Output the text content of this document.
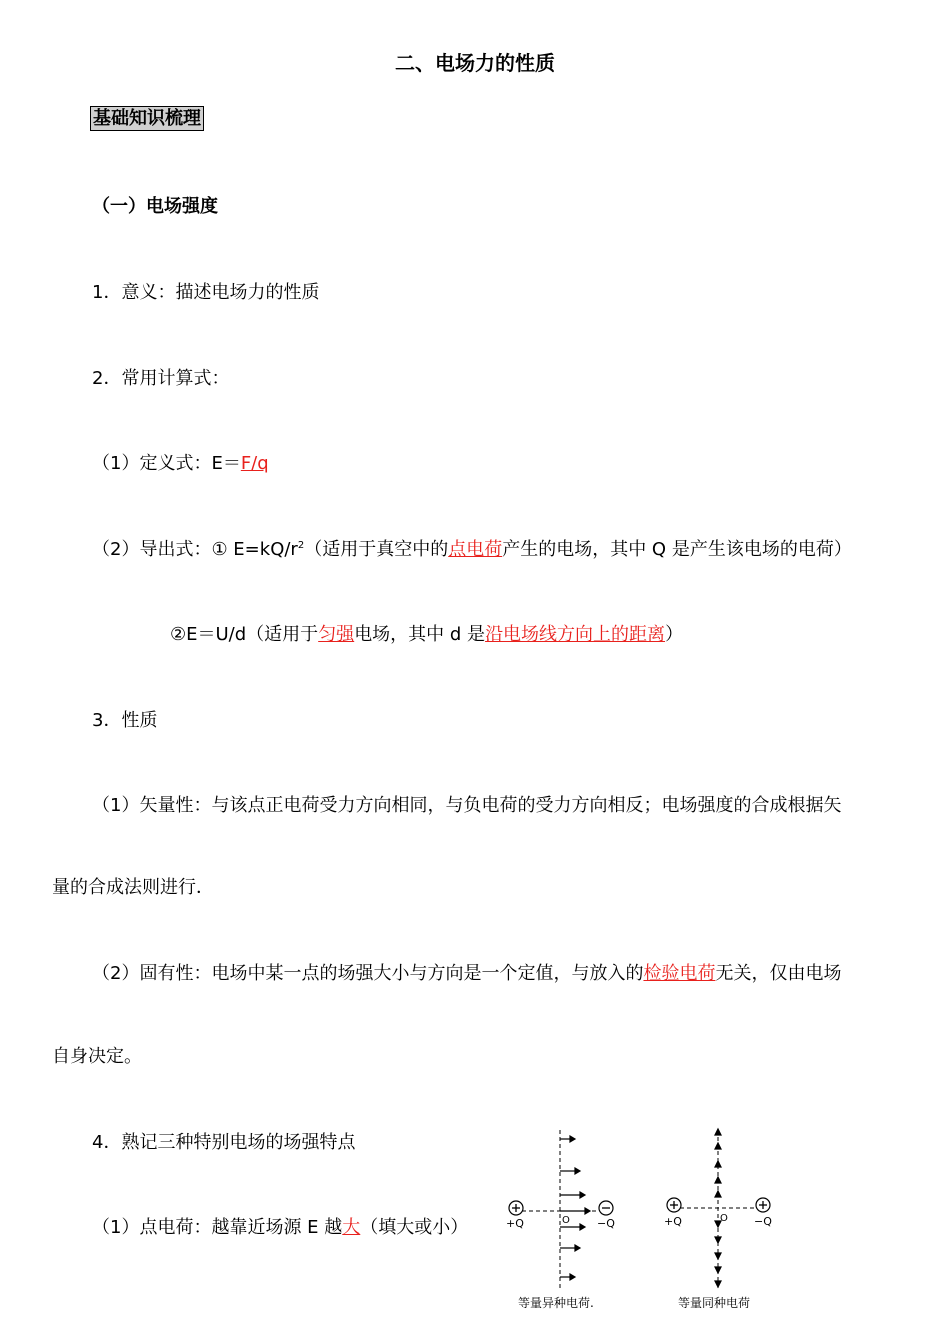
二、电场力的性质
基础知识梳理
（一）电场强度
1．意义：描述电场力的性质
2．常用计算式：
（1）定义式：E＝F/q
（2）导出式：① $E=kQ/r^2$（适用于真空中的点电荷产生的电场，其中 Q 是产生该电场的电荷）
②E＝U/d（适用于匀强电场，其中 d 是沿电场线方向上的距离）
3．性质
（1）矢量性：与该点正电荷受力方向相同，与负电荷的受力方向相反；电场强度的合成根据矢
量的合成法则进行．
（2）固有性：电场中某一点的场强大小与方向是一个定值，与放入的检验电荷无关，仅由电场
自身决定。
4．熟记三种特别电场的场强特点
（1）点电荷：越靠近场源 E 越大（填大或小）	+Q	−Q
O
等量异种电荷.
+Q	−Q
O
等量同种电荷
